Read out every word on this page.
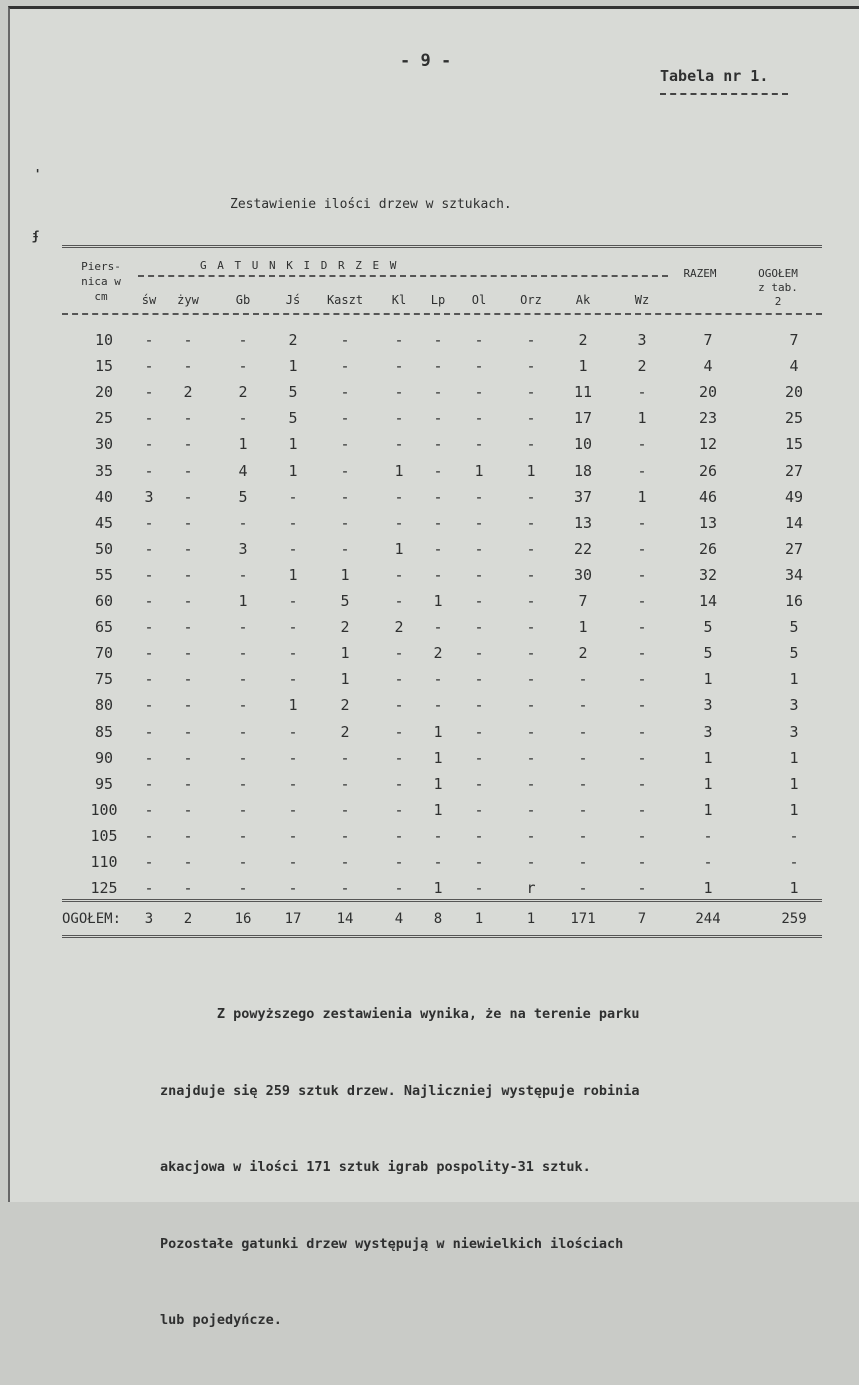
- 9 -
Tabela nr 1.
'
ʄ
Zestawienie ilości drzew w sztukach.
Piers-
nica w
cm
G A T U N K I D R Z E W
RAZEM	OGOŁEM
z tab.
2
św	żyw	Gb	Jś	Kaszt	Kl	Lp	Ol	Orz	Ak	Wz
10	-	-	-	2	-	-	-	-	-	2	3	7	7
15	-	-	-	1	-	-	-	-	-	1	2	4	4
20	-	2	2	5	-	-	-	-	-	11	-	20	20
25	-	-	-	5	-	-	-	-	-	17	1	23	25
30	-	-	1	1	-	-	-	-	-	10	-	12	15
35	-	-	4	1	-	1	-	1	1	18	-	26	27
40	3	-	5	-	-	-	-	-	-	37	1	46	49
45	-	-	-	-	-	-	-	-	-	13	-	13	14
50	-	-	3	-	-	1	-	-	-	22	-	26	27
55	-	-	-	1	1	-	-	-	-	30	-	32	34
60	-	-	1	-	5	-	1	-	-	7	-	14	16
65	-	-	-	-	2	2	-	-	-	1	-	5	5
70	-	-	-	-	1	-	2	-	-	2	-	5	5
75	-	-	-	-	1	-	-	-	-	-	-	1	1
80	-	-	-	1	2	-	-	-	-	-	-	3	3
85	-	-	-	-	2	-	1	-	-	-	-	3	3
90	-	-	-	-	-	-	1	-	-	-	-	1	1
95	-	-	-	-	-	-	1	-	-	-	-	1	1
100	-	-	-	-	-	-	1	-	-	-	-	1	1
105	-	-	-	-	-	-	-	-	-	-	-	-	-
110	-	-	-	-	-	-	-	-	-	-	-	-	-
125	-	-	-	-	-	-	1	-	r	-	-	1	1
OGOŁEM:	3	2	16	17	14	4	8	1	1	171	7	244	259

Z powyższego zestawienia wynika, że na terenie parku

znajduje się 259 sztuk drzew. Najliczniej występuje robinia

akacjowa w ilości 171 sztuk igrab pospolity-31 sztuk.

Pozostałe gatunki drzew występują w niewielkich ilościach

lub pojedyńcze.
